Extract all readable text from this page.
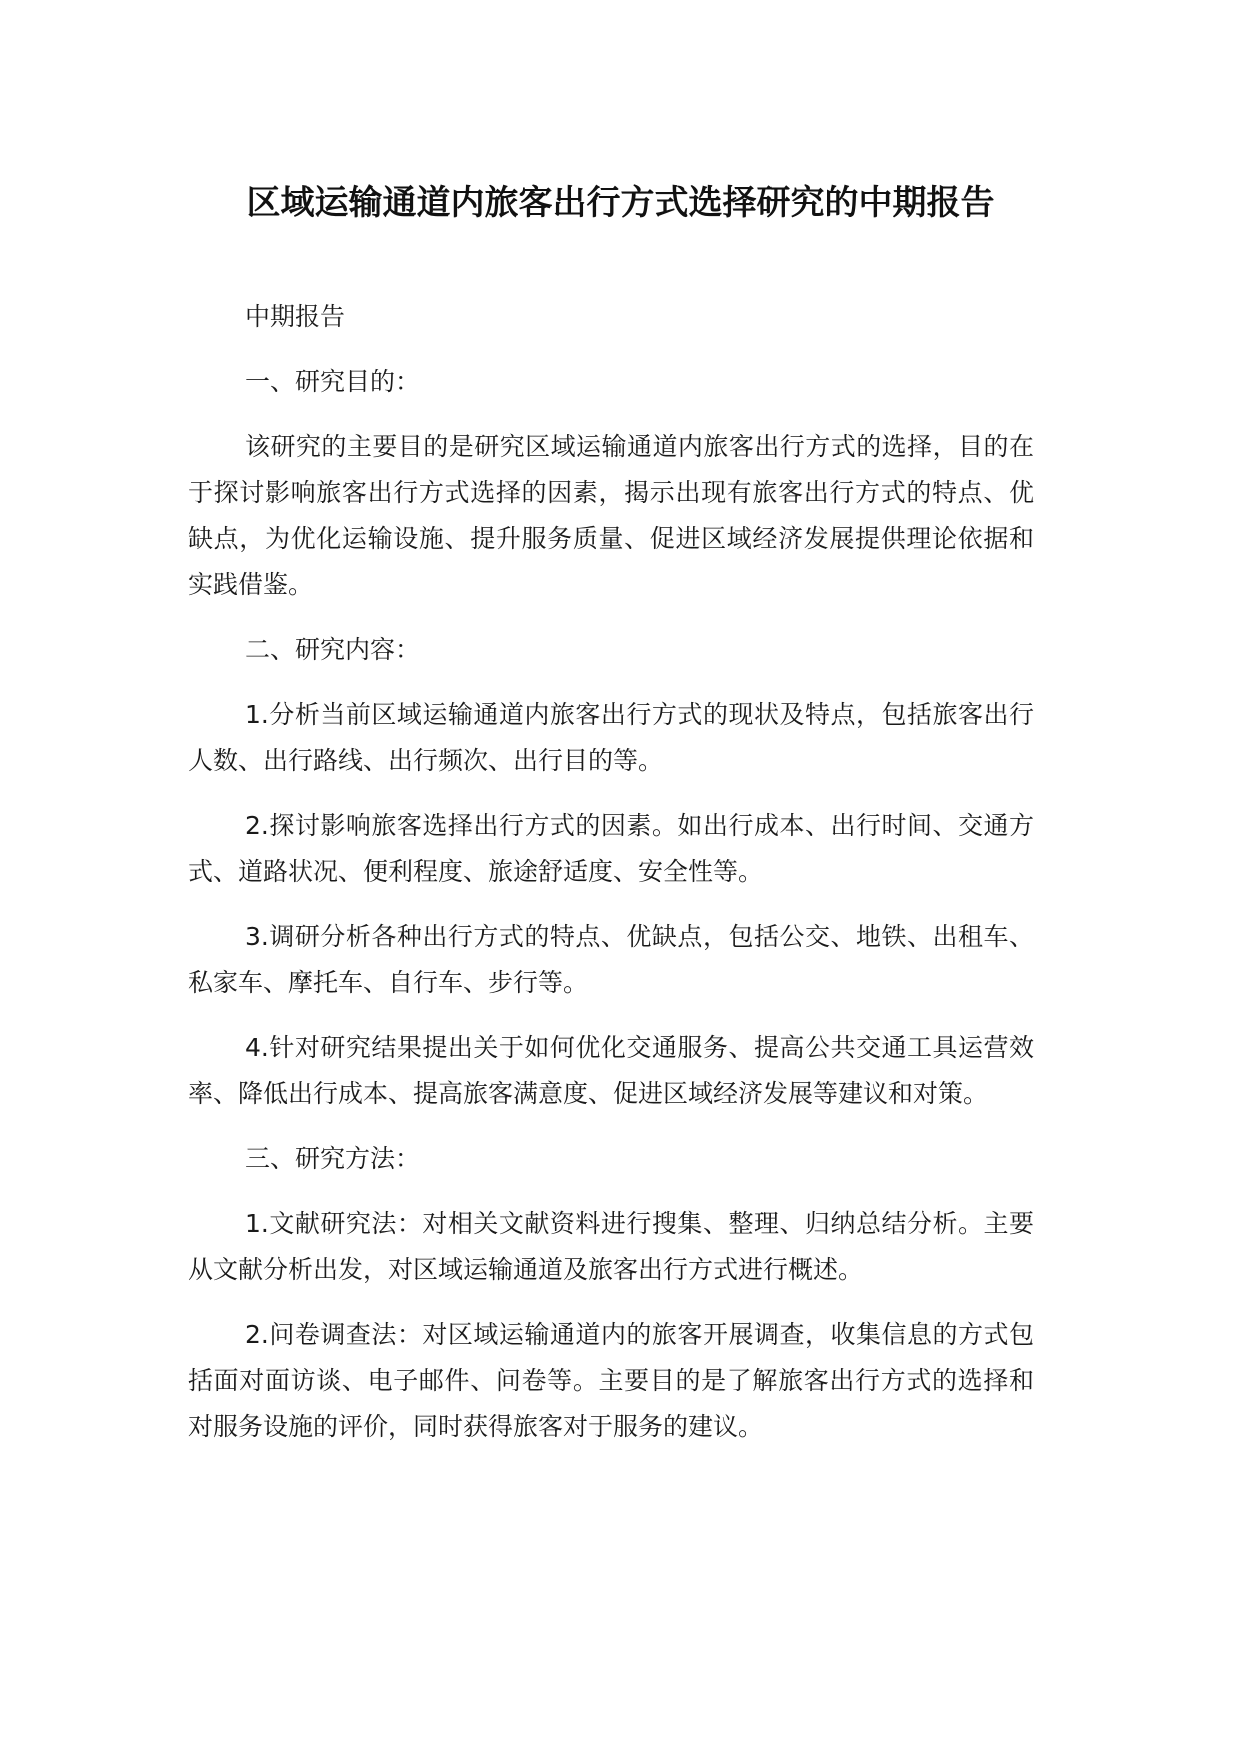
区域运输通道内旅客出行方式选择研究的中期报告

中期报告

一、研究目的：

该研究的主要目的是研究区域运输通道内旅客出行方式的选择，目的在于探讨影响旅客出行方式选择的因素，揭示出现有旅客出行方式的特点、优缺点，为优化运输设施、提升服务质量、促进区域经济发展提供理论依据和实践借鉴。

二、研究内容：

1.分析当前区域运输通道内旅客出行方式的现状及特点，包括旅客出行人数、出行路线、出行频次、出行目的等。

2.探讨影响旅客选择出行方式的因素。如出行成本、出行时间、交通方式、道路状况、便利程度、旅途舒适度、安全性等。

3.调研分析各种出行方式的特点、优缺点，包括公交、地铁、出租车、私家车、摩托车、自行车、步行等。

4.针对研究结果提出关于如何优化交通服务、提高公共交通工具运营效率、降低出行成本、提高旅客满意度、促进区域经济发展等建议和对策。

三、研究方法：

1.文献研究法：对相关文献资料进行搜集、整理、归纳总结分析。主要从文献分析出发，对区域运输通道及旅客出行方式进行概述。

2.问卷调查法：对区域运输通道内的旅客开展调查，收集信息的方式包括面对面访谈、电子邮件、问卷等。主要目的是了解旅客出行方式的选择和对服务设施的评价，同时获得旅客对于服务的建议。
